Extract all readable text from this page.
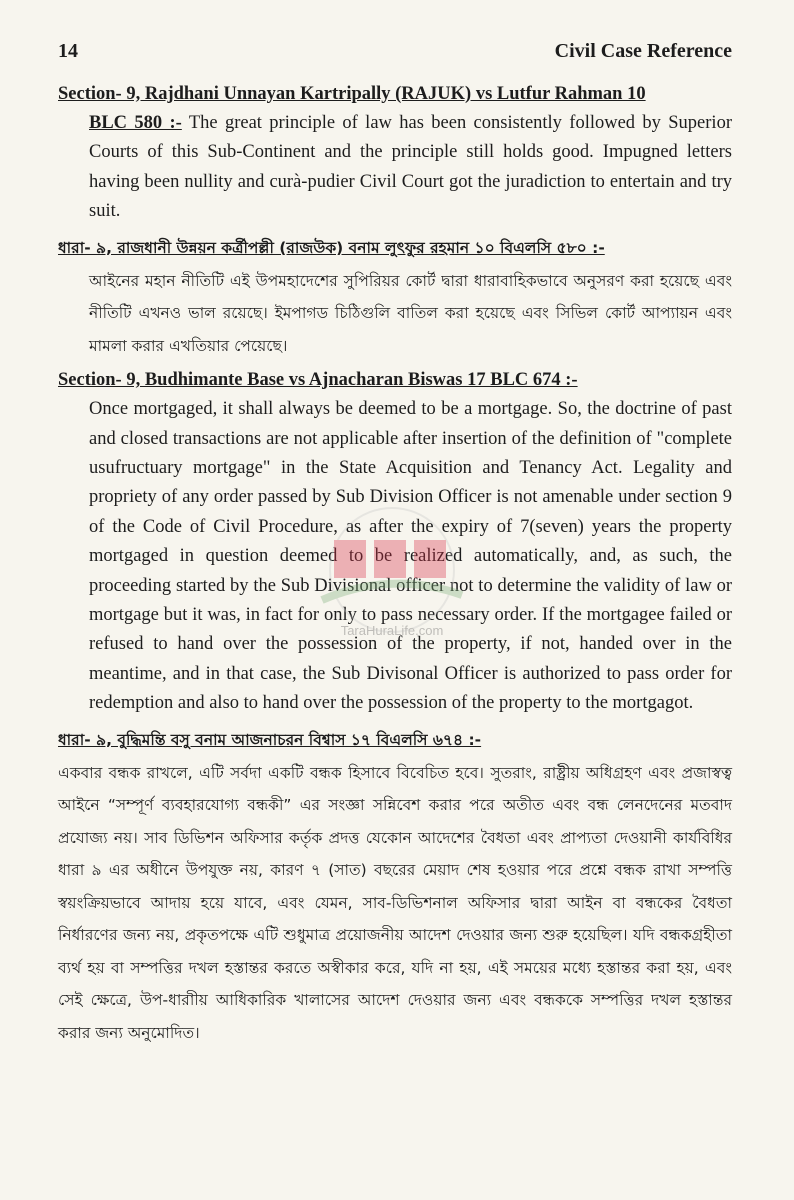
14	Civil Case Reference

Section- 9, Rajdhani Unnayan Kartripally (RAJUK) vs Lutfur Rahman 10

BLC 580 :- The great principle of law has been consistently followed by Superior Courts of this Sub-Continent and the principle still holds good. Impugned letters having been nullity and curà-pudier Civil Court got the juradiction to entertain and try suit.

ধারা- ৯, রাজধানী উন্নয়ন কর্ত্রীপল্লী (রাজউক) বনাম লুৎফুর রহমান ১০ বিএলসি ৫৮০ :-

আইনের মহান নীতিটি এই উপমহাদেশের সুপিরিয়র কোর্ট দ্বারা ধারাবাহিকভাবে অনুসরণ করা হয়েছে এবং নীতিটি এখনও ভাল রয়েছে। ইমপাগড চিঠিগুলি বাতিল করা হয়েছে এবং সিভিল কোর্ট আপ্যায়ন এবং মামলা করার এখতিয়ার পেয়েছে।

Section- 9, Budhimante Base vs Ajnacharan Biswas 17 BLC 674 :-

Once mortgaged, it shall always be deemed to be a mortgage. So, the doctrine of past and closed transactions are not applicable after insertion of the definition of "complete usufructuary mortgage" in the State Acquisition and Tenancy Act. Legality and propriety of any order passed by Sub Division Officer is not amenable under section 9 of the Code of Civil Procedure, as after the expiry of 7(seven) years the property mortgaged in question deemed to be realized automatically, and, as such, the proceeding started by the Sub Divisional officer not to determine the validity of law or mortgage but it was, in fact for only to pass necessary order. If the mortgagee failed or refused to hand over the possession of the property, if not, handed over in the meantime, and in that case, the Sub Divisonal Officer is authorized to pass order for redemption and also to hand over the possession of the property to the mortgagot.

ধারা- ৯, বুদ্ধিমন্তি বসু বনাম আজনাচরন বিশ্বাস ১৭ বিএলসি ৬৭৪ :-

একবার বন্ধক রাখলে, এটি সর্বদা একটি বন্ধক হিসাবে বিবেচিত হবে। সুতরাং, রাষ্ট্রীয় অধিগ্রহণ এবং প্রজাস্বত্ব আইনে “সম্পূর্ণ ব্যবহারযোগ্য বন্ধকী” এর সংজ্ঞা সন্নিবেশ করার পরে অতীত এবং বন্ধ লেনদেনের মতবাদ প্রযোজ্য নয়। সাব ডিভিশন অফিসার কর্তৃক প্রদত্ত যেকোন আদেশের বৈধতা এবং প্রাপ্যতা দেওয়ানী কার্যবিধির ধারা ৯ এর অধীনে উপযুক্ত নয়, কারণ ৭ (সাত) বছরের মেয়াদ শেষ হওয়ার পরে প্রশ্নে বন্ধক রাখা সম্পত্তি স্বয়ংক্রিয়ভাবে আদায় হয়ে যাবে, এবং যেমন, সাব-ডিভিশনাল অফিসার দ্বারা আইন বা বন্ধকের বৈধতা নির্ধারণের জন্য নয়, প্রকৃতপক্ষে এটি শুধুমাত্র প্রয়োজনীয় আদেশ দেওয়ার জন্য শুরু হয়েছিল। যদি বন্ধকগ্রহীতা ব্যর্থ হয় বা সম্পত্তির দখল হস্তান্তর করতে অস্বীকার করে, যদি না হয়, এই সময়ের মধ্যে হস্তান্তর করা হয়, এবং সেই ক্ষেত্রে, উপ-ধারাীয় আধিকারিক খালাসের আদেশ দেওয়ার জন্য এবং বন্ধককে সম্পত্তির দখল হস্তান্তর করার জন্য অনুমোদিত।

TaraHuraLife.com
